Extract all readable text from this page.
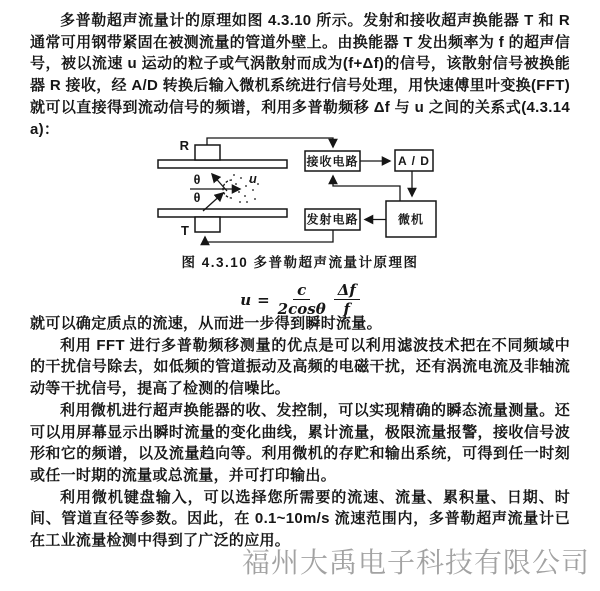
多普勒超声流量计的原理如图 4.3.10 所示。发射和接收超声换能器 T 和 R 通常可用钢带紧固在被测流量的管道外壁上。由换能器 T 发出频率为 f 的超声信号，被以流速 u 运动的粒子或气涡散射而成为(f+Δf)的信号，该散射信号被换能器 R 接收，经 A/D 转换后输入微机系统进行信号处理，用快速傅里叶变换(FFT)就可以直接得到流动信号的频谱，利用多普勒频移 Δf 与 u 之间的关系式(4.3.14a)：

R
T
接收电路	A / D
微机
发射电路
θ
θ
u
图 4.3.10 多普勒超声流量计原理图
$u = \frac{c}{2\cos\theta} \frac{\Delta f}{f}$

就可以确定质点的流速，从而进一步得到瞬时流量。

利用 FFT 进行多普勒频移测量的优点是可以利用滤波技术把在不同频域中的干扰信号除去，如低频的管道振动及高频的电磁干扰，还有涡流电流及非轴流动等干扰信号，提高了检测的信噪比。

利用微机进行超声换能器的收、发控制，可以实现精确的瞬态流量测量。还可以用屏幕显示出瞬时流量的变化曲线，累计流量，极限流量报警，接收信号波形和它的频谱，以及流量趋向等。利用微机的存贮和输出系统，可得到任一时刻或任一时期的流量或总流量，并可打印输出。

利用微机键盘输入，可以选择您所需要的流速、流量、累积量、日期、时间、管道直径等参数。因此，在 0.1~10m/s 流速范围内，多普勒超声流量计已在工业流量检测中得到了广泛的应用。

福州大禹电子科技有限公司
